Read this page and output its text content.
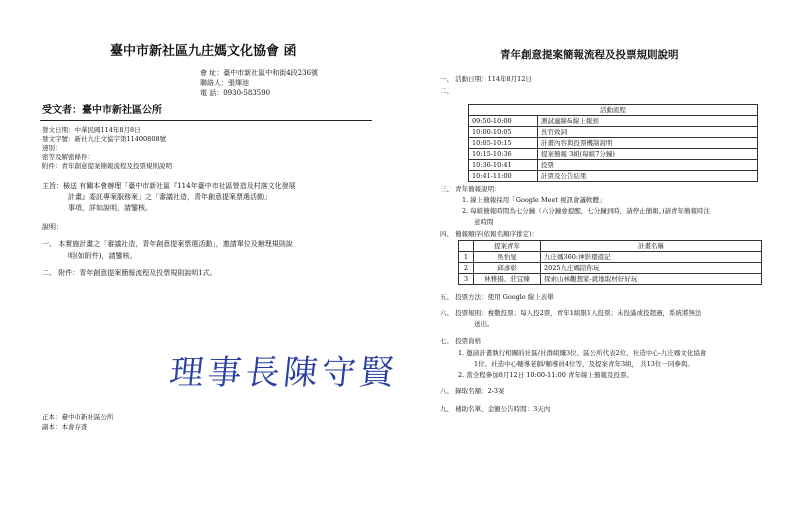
臺中市新社區九庄媽文化協會 函
會 址：臺中市新社區中和街4段236號
聯絡人：張煇池
電 話：0930-583590
受文者：臺中市新社區公所
發文日期：中華民國114年8月8日
發文字號：新社九庄文協字第11400808號
速別：
密等及解密條件：
附件：青年創意提案簡報流程及投票規則說明
主旨：檢送 有關本會辦理「臺中市新社區『114年臺中市社區營造及村落文化發展
計畫』委託專案服務案」之「審議社造，青年創意提案票選活動」
事項，詳如說明，請鑒核。
說明：
一、 本實施計畫之「審議社造，青年創意提案票選活動」，邀請單位及辦理規則說
明(如附件)，請鑒核。
二、 附件：青年創意提案簡報流程及投票規則說明1式。
理事長陳守賢
正本：臺中市新社區公所
副本：本會存查
青年創意提案簡報流程及投票規則說明
一、 活動日期：114年8月12日
二、
活動流程	
09:50-10:00	測試連線&線上報到
10:00-10:05	長官致詞
10:05-10:15	計畫內容與投票機制說明
10:15-10:36	提案簡報 3組(每組7分鐘)
10:36-10:41	投票
10:41-11:00	計票及公告結果
三、 青年簡報說明：
1. 線上簡報採用「Google Meet 視訊會議軟體」
2. 每組簡報時間為七分鐘（六分鐘會提醒，七分鐘到時，請停止簡報。)請青年簡報時注
意時間
四、 簡報順序(依報名順序排定)：
	提案青年	計畫名稱
1	吳怡旻	九庄媽360:神影環遊記
2	邱彥彰	2025九庄媽陪你玩
3	林雅揚、莊宜臻	探索山林觀想家-就地取材好好玩
五、 投票方法：使用 Google 線上表單
六、 投票規則：複數投票；每人投2票，青年1組限1人投票；未投滿或投超過，系統將無法
送出。
七、 投票資格
1. 邀請計畫執行相關的社區/社群組織3位、區公所代表2位、社造中心-九庄媽文化協會
1位、社造中心輔導老師/輔導員4位等，及提案青年3組， 共13位一同參與。
2. 當全程參加8月12日 10:00-11:00 青年線上簡報及投票。
八、 錄取名額：2-3案
九、 補助名單、金額公告時間：3天內
